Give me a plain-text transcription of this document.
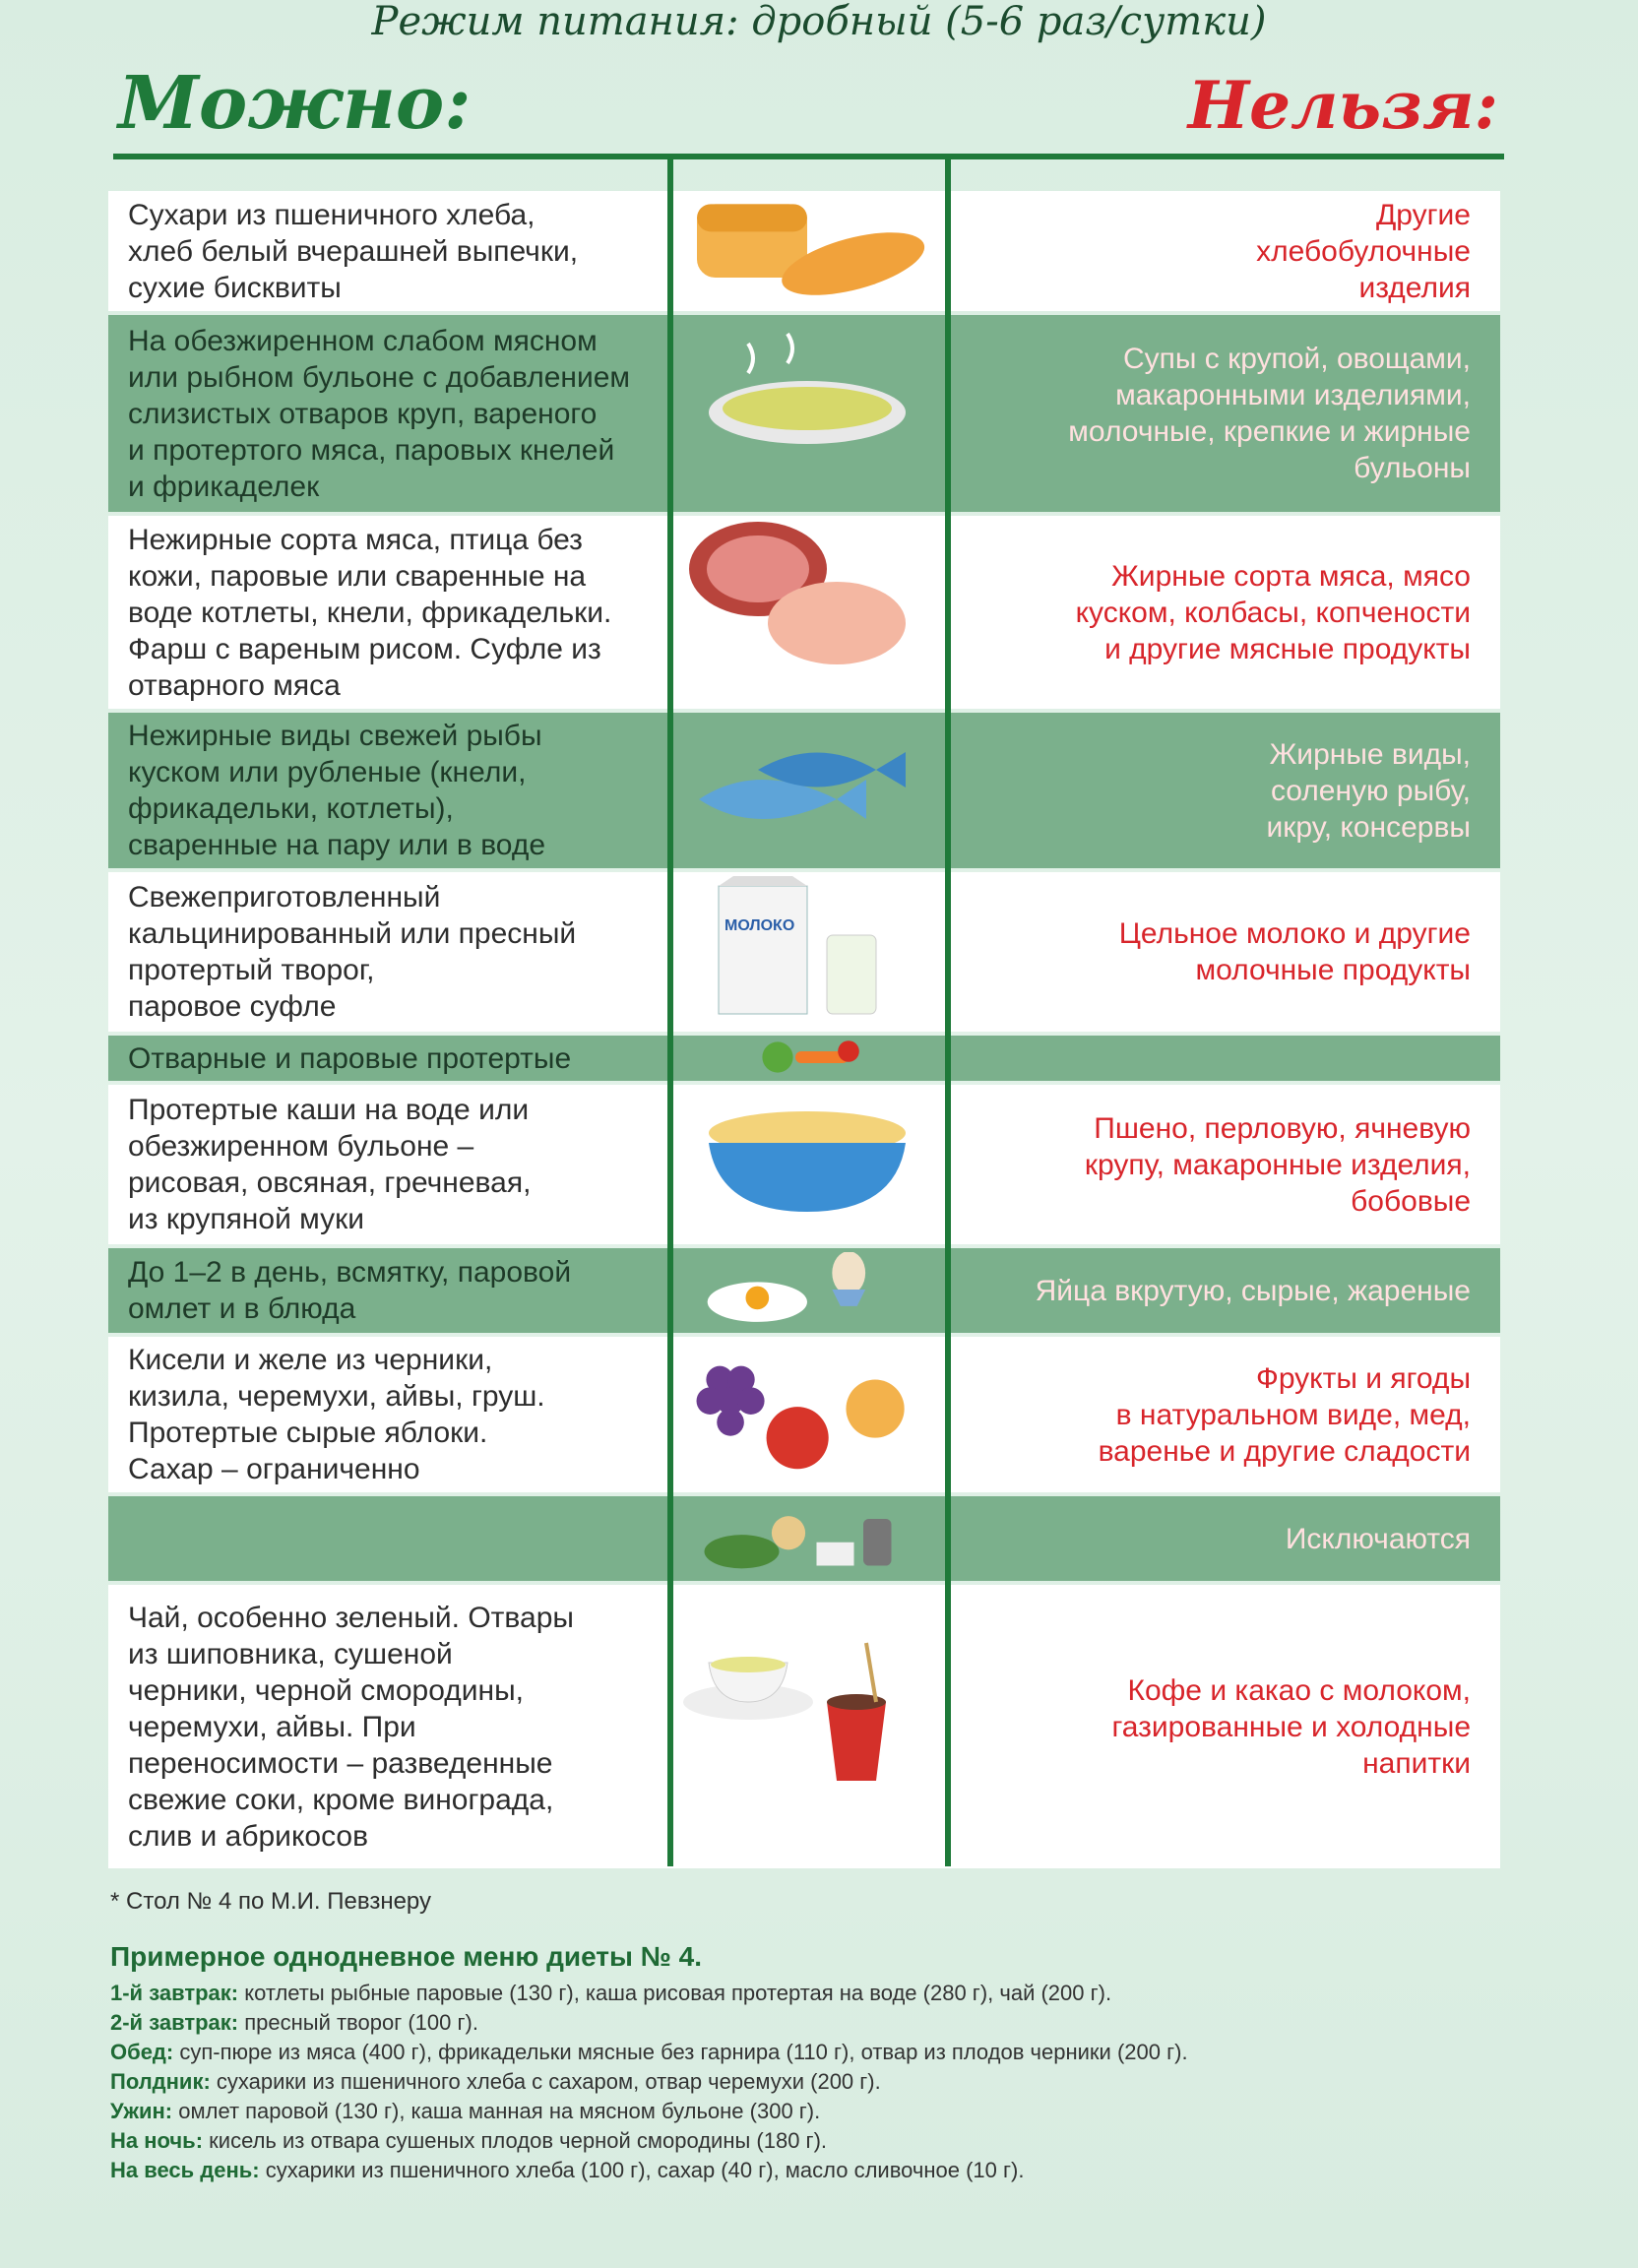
Режим питания: дробный (5-6 раз/сутки)
Можно:	Нельзя:
Сухари из пшеничного хлеба,
хлеб белый вчерашней выпечки,
сухие бисквиты
Другие
хлебобулочные
изделия
На обезжиренном слабом мясном
или рыбном бульоне с добавлением
слизистых отваров круп, вареного
и протертого мяса, паровых кнелей
и фрикаделек
Супы с крупой, овощами,
макаронными изделиями,
молочные, крепкие и жирные
бульоны
Нежирные сорта мяса, птица без
кожи, паровые или сваренные на
воде котлеты, кнели, фрикадельки.
Фарш с вареным рисом. Суфле из
отварного мяса
Жирные сорта мяса, мясо
куском, колбасы, копчености
и другие мясные продукты
Нежирные виды свежей рыбы
куском или рубленые (кнели,
фрикадельки, котлеты),
сваренные на пару или в воде
Жирные виды,
соленую рыбу,
икру, консервы
Свежеприготовленный
кальцинированный или пресный
протертый творог,
паровое суфле
МОЛОКО	Цельное молоко и другие
молочные продукты
Отварные и паровые протертые
Протертые каши на воде или
обезжиренном бульоне –
рисовая, овсяная, гречневая,
из крупяной муки
Пшено, перловую, ячневую
крупу, макаронные изделия,
бобовые
До 1–2 в день, всмятку, паровой
омлет и в блюда
Яйца вкрутую, сырые, жареные
Кисели и желе из черники,
кизила, черемухи, айвы, груш.
Протертые сырые яблоки.
Сахар – ограниченно
Фрукты и ягоды
в натуральном виде, мед,
варенье и другие сладости
Исключаются
Чай, особенно зеленый. Отвары
из шиповника, сушеной
черники, черной смородины,
черемухи, айвы. При
переносимости – разведенные
свежие соки, кроме винограда,
слив и абрикосов
Кофе и какао с молоком,
газированные и холодные
напитки
* Стол № 4 по М.И. Певзнеру
Примерное однодневное меню диеты № 4.
1-й завтрак: котлеты рыбные паровые (130 г), каша рисовая протертая на воде (280 г), чай (200 г).
2-й завтрак: пресный творог (100 г).
Обед: суп-пюре из мяса (400 г), фрикадельки мясные без гарнира (110 г), отвар из плодов черники (200 г).
Полдник: сухарики из пшеничного хлеба с сахаром, отвар черемухи (200 г).
Ужин: омлет паровой (130 г), каша манная на мясном бульоне (300 г).
На ночь: кисель из отвара сушеных плодов черной смородины (180 г).
На весь день: сухарики из пшеничного хлеба (100 г), сахар (40 г), масло сливочное (10 г).
